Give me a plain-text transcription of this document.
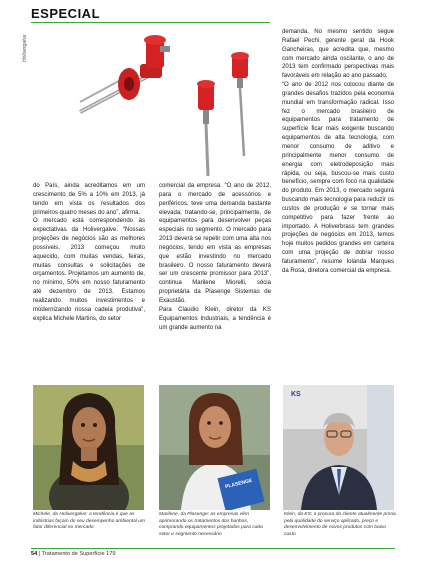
ESPECIAL
Holivergalve

demanda. No mesmo sentido segue Rafael Pechi, gerente geral da Hook Gancheiras, que acredita que, mesmo com mercado ainda oscilante, o ano de 2013 tem confirmado perspectivas mais favoráveis em relação ao ano passado.

“O ano de 2012 nos colocou diante de grandes desafios trazidos pela economia mundial em transformação radical. Isso fez o mercado brasileiro de equipamentos para tratamento de superfície ficar mais exigente buscando equipamentos de alta tecnologia, com menor consumo de aditivo e principalmente menor consumo de energia com eletrodeposição mais rápida, ou seja, buscou-se mais custo benefício, sempre com foco na qualidade do produto. Em 2013, o mercado seguirá buscando mais tecnologia para reduzir os custos de produção e se tornar mais competitivo para fazer frente ao importado. A Holiverbrass tem grandes projeções de negócios em 2013, temos hoje muitos pedidos grandes em carteira com uma projeção de dobrar nosso faturamento”, resume Iolanda Marques da Rosa, diretora comercial da empresa.

do País, ainda acreditamos em um crescimento de 5% a 10% em 2013, já tendo em vista os resultados dos primeiros quatro meses do ano”, afirma.

O mercado está correspondendo às expectativas da Holivergalve. “Nossas projeções de negócios são as melhores possíveis, 2013 começou muito aquecido, com muitas vendas, feiras, muitas consultas e solicitações de orçamentos. Projetamos um aumento de, no mínimo, 50% em nosso faturamento até dezembro de 2013. Estamos realizando muitos investimentos e modernizando nossa cadeia produtiva”, explica Michele Martins, do setor

comercial da empresa. “O ano de 2012, para o mercado de acessórios e periféricos, teve uma demanda bastante elevada, tratando-se, principalmente, de equipamentos para desenvolver peças especiais no segmento. O mercado para 2013 deverá se repetir com uma alta nos negócios, tendo em vista as empresas que estão investindo no mercado brasileiro. O nosso faturamento deverá ser um crescente promissor para 2013”, continua Marilene Miorelli, sócia proprietária da Plasenge Sistemas de Exaustão.

Para Claudio Klein, diretor da KS Equipamentos Industriais, a tendência é um grande aumento na

PLASENGE
KS
Michele, da Holivergalve: a tendência é que as indústrias façam do seu desempenho ambiental um fator diferencial no mercado
Marilene, da Plasenge: as empresas vêm aprimorando os tratamentos dos banhos, comprando equipamentos projetados para cada setor e segmento necessário
Klein, da KS: a procura do cliente atualmente prima pela qualidade do serviço aplicado, preço e desenvolvimento de novos produtos com baixo custo
54 | Tratamento de Superfície 179
